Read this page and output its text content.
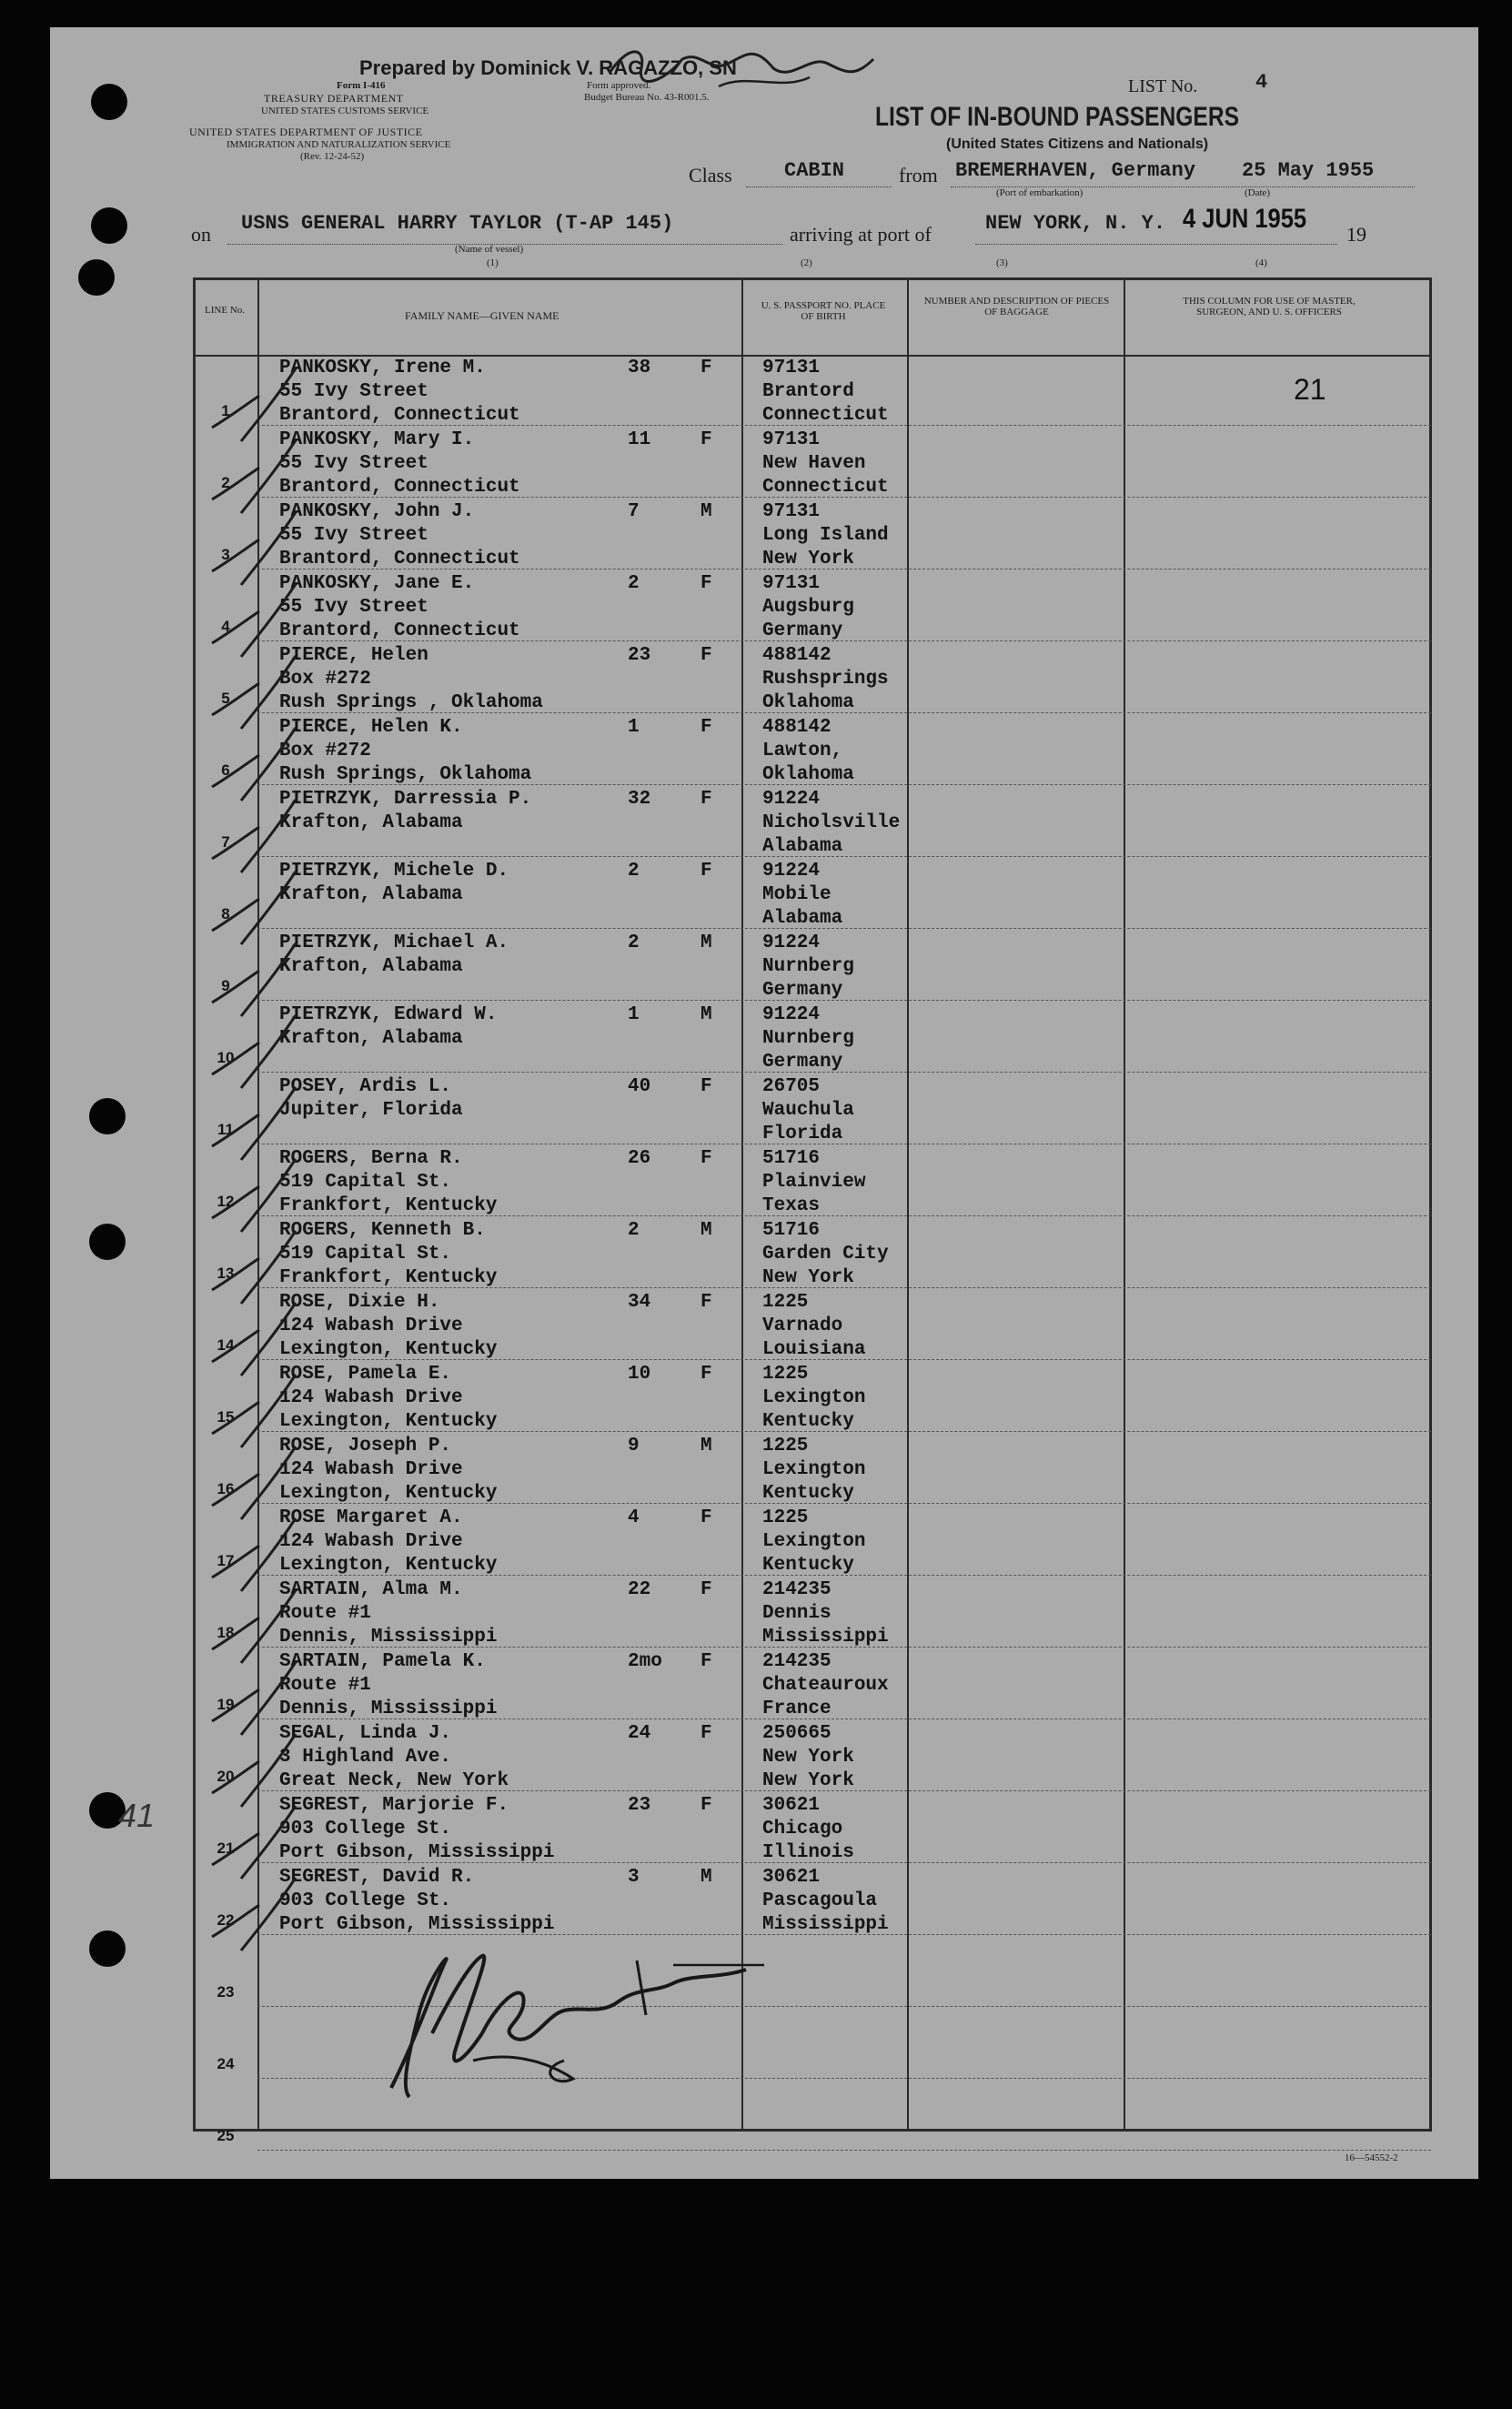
Prepared by Dominick V. RAGAZZO, SN
Form I-416
TREASURY DEPARTMENT
UNITED STATES CUSTOMS SERVICE
Form approved.
Budget Bureau No. 43-R001.5.
UNITED STATES DEPARTMENT OF JUSTICE
IMMIGRATION AND NATURALIZATION SERVICE
(Rev. 12-24-52)
LIST No.	4
LIST OF IN-BOUND PASSENGERS
(United States Citizens and Nationals)
Class	CABIN	from BREMERHAVEN, Germany
(Port of embarkation)
25 May 1955
(Date)
on USNS GENERAL HARRY TAYLOR (T-AP 145)
(Name of vessel)
arriving at port of	NEW YORK, N. Y. 4 JUN 1955
19
(1)	(2)	(3)	(4)
LINE No.	FAMILY NAME—GIVEN NAME
U. S. PASSPORT NO. PLACE OF BIRTH
NUMBER AND DESCRIPTION OF PIECES OF BAGGAGE
THIS COLUMN FOR USE OF MASTER, SURGEON, AND U. S. OFFICERS
21
41
1
PANKOSKY, Irene M.
55 Ivy Street
Brantord, Connecticut
38	F	97131
Brantord
Connecticut
2
PANKOSKY, Mary I.
55 Ivy Street
Brantord, Connecticut
11	F	97131
New Haven
Connecticut
3
PANKOSKY, John J.
55 Ivy Street
Brantord, Connecticut
7	M	97131
Long Island
New York
4
PANKOSKY, Jane E.
55 Ivy Street
Brantord, Connecticut
2	F	97131
Augsburg
Germany
5
PIERCE, Helen
Box #272
Rush Springs , Oklahoma
23	F	488142
Rushsprings
Oklahoma
6
PIERCE, Helen K.
Box #272
Rush Springs, Oklahoma
1	F	488142
Lawton,
Oklahoma
7
PIETRZYK, Darressia P.
Krafton, Alabama
32	F	91224
Nicholsville
Alabama
8
PIETRZYK, Michele D.
Krafton, Alabama
2	F	91224
Mobile
Alabama
9
PIETRZYK, Michael A.
Krafton, Alabama
2	M	91224
Nurnberg
Germany
10
PIETRZYK, Edward W.
Krafton, Alabama
1	M	91224
Nurnberg
Germany
11
POSEY, Ardis L.
Jupiter, Florida
40	F	26705
Wauchula
Florida
12
ROGERS, Berna R.
519 Capital St.
Frankfort, Kentucky
26	F	51716
Plainview
Texas
13
ROGERS, Kenneth B.
519 Capital St.
Frankfort, Kentucky
2	M	51716
Garden City
New York
14
ROSE, Dixie H.
124 Wabash Drive
Lexington, Kentucky
34	F	1225
Varnado
Louisiana
15
ROSE, Pamela E.
124 Wabash Drive
Lexington, Kentucky
10	F	1225
Lexington
Kentucky
16
ROSE, Joseph P.
124 Wabash Drive
Lexington, Kentucky
9	M	1225
Lexington
Kentucky
17
ROSE Margaret A.
124 Wabash Drive
Lexington, Kentucky
4	F	1225
Lexington
Kentucky
18
SARTAIN, Alma M.
Route #1
Dennis, Mississippi
22	F	214235
Dennis
Mississippi
19
SARTAIN, Pamela K.
Route #1
Dennis, Mississippi
2mo F	214235
Chateauroux
France
20
SEGAL, Linda J.
3 Highland Ave.
Great Neck, New York
24	F	250665
New York
New York
21
SEGREST, Marjorie F.
903 College St.
Port Gibson, Mississippi
23	F	30621
Chicago
Illinois
22
SEGREST, David R.
903 College St.
Port Gibson, Mississippi
3	M	30621
Pascagoula
Mississippi
23
24
25
16—54552-2
